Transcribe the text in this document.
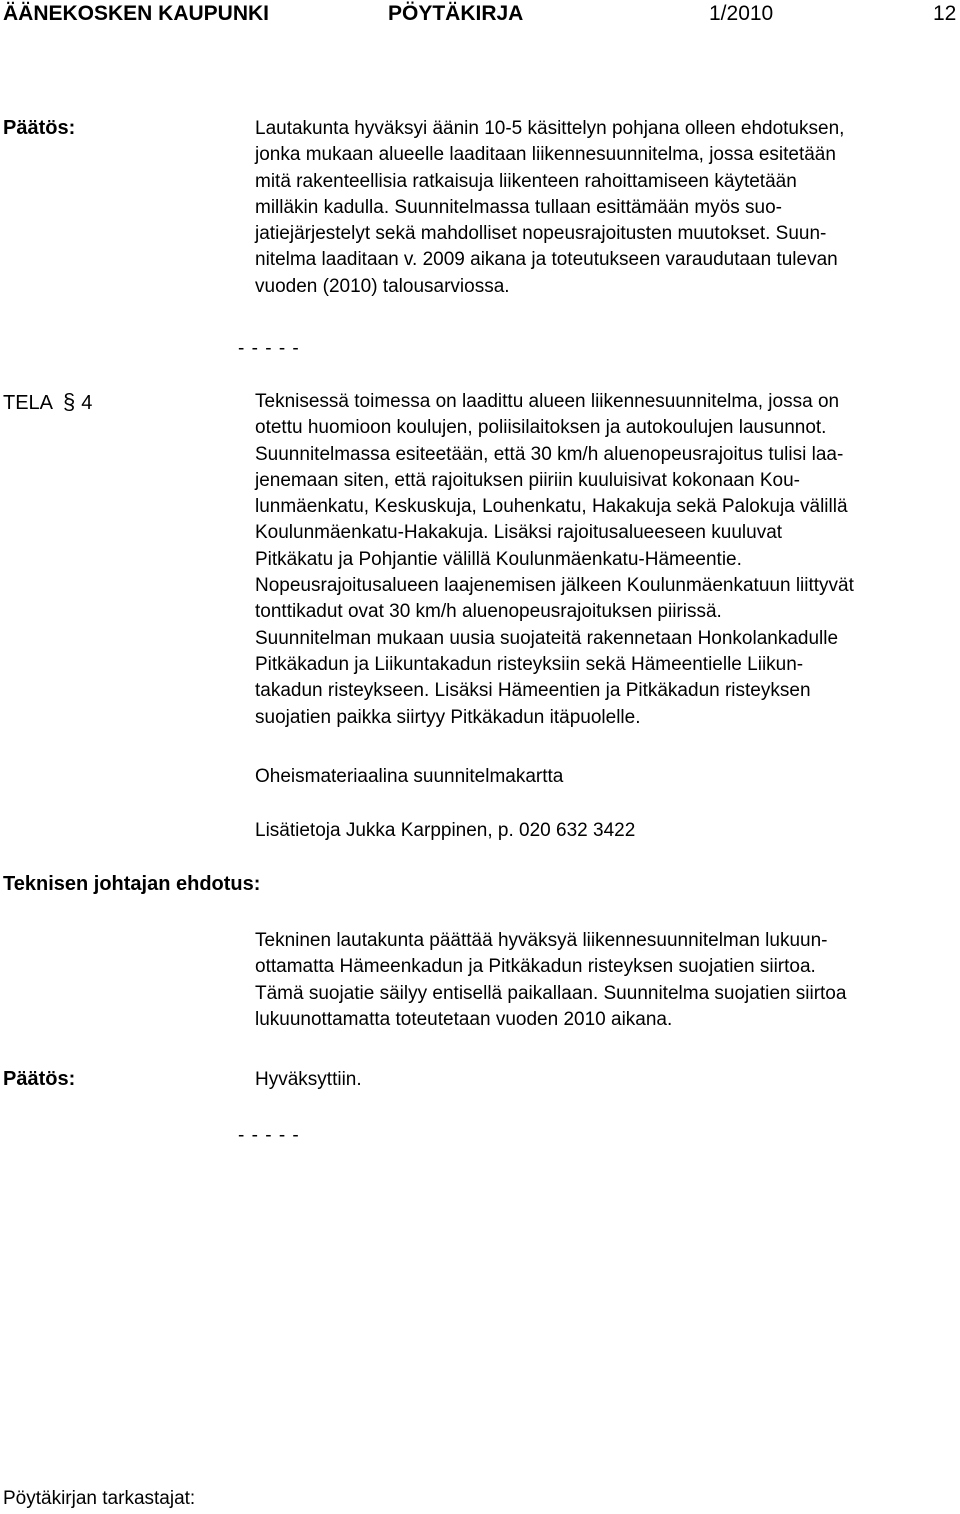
ÄÄNEKOSKEN KAUPUNKI	PÖYTÄKIRJA	1/2010	12
Päätös:	Lautakunta hyväksyi äänin 10-5 käsittelyn pohjana olleen ehdotuksen,
jonka mukaan alueelle laaditaan liikennesuunnitelma, jossa esitetään
mitä rakenteellisia ratkaisuja liikenteen rahoittamiseen käytetään
milläkin kadulla. Suunnitelmassa tullaan esittämään myös suo-
jatiejärjestelyt sekä mahdolliset nopeusrajoitusten muutokset. Suun-
nitelma laaditaan v. 2009 aikana ja toteutukseen varaudutaan tulevan
vuoden (2010) talousarviossa.
- - - - -
TELA § 4	Teknisessä toimessa on laadittu alueen liikennesuunnitelma, jossa on
otettu huomioon koulujen, poliisilaitoksen ja autokoulujen lausunnot.
Suunnitelmassa esiteetään, että 30 km/h aluenopeusrajoitus tulisi laa-
jenemaan siten, että rajoituksen piiriin kuuluisivat kokonaan Kou-
lunmäenkatu, Keskuskuja, Louhenkatu, Hakakuja sekä Palokuja välillä
Koulunmäenkatu-Hakakuja. Lisäksi rajoitusalueeseen kuuluvat
Pitkäkatu ja Pohjantie välillä Koulunmäenkatu-Hämeentie.
Nopeusrajoitusalueen laajenemisen jälkeen Koulunmäenkatuun liittyvät
tonttikadut ovat 30 km/h aluenopeusrajoituksen piirissä.
Suunnitelman mukaan uusia suojateitä rakennetaan Honkolankadulle
Pitkäkadun ja Liikuntakadun risteyksiin sekä Hämeentielle Liikun-
takadun risteykseen. Lisäksi Hämeentien ja Pitkäkadun risteyksen
suojatien paikka siirtyy Pitkäkadun itäpuolelle.
Oheismateriaalina suunnitelmakartta
Lisätietoja Jukka Karppinen, p. 020 632 3422
Teknisen johtajan ehdotus:
Tekninen lautakunta päättää hyväksyä liikennesuunnitelman lukuun-
ottamatta Hämeenkadun ja Pitkäkadun risteyksen suojatien siirtoa.
Tämä suojatie säilyy entisellä paikallaan. Suunnitelma suojatien siirtoa
lukuunottamatta toteutetaan vuoden 2010 aikana.
Päätös:	Hyväksyttiin.
- - - - -
Pöytäkirjan tarkastajat:
